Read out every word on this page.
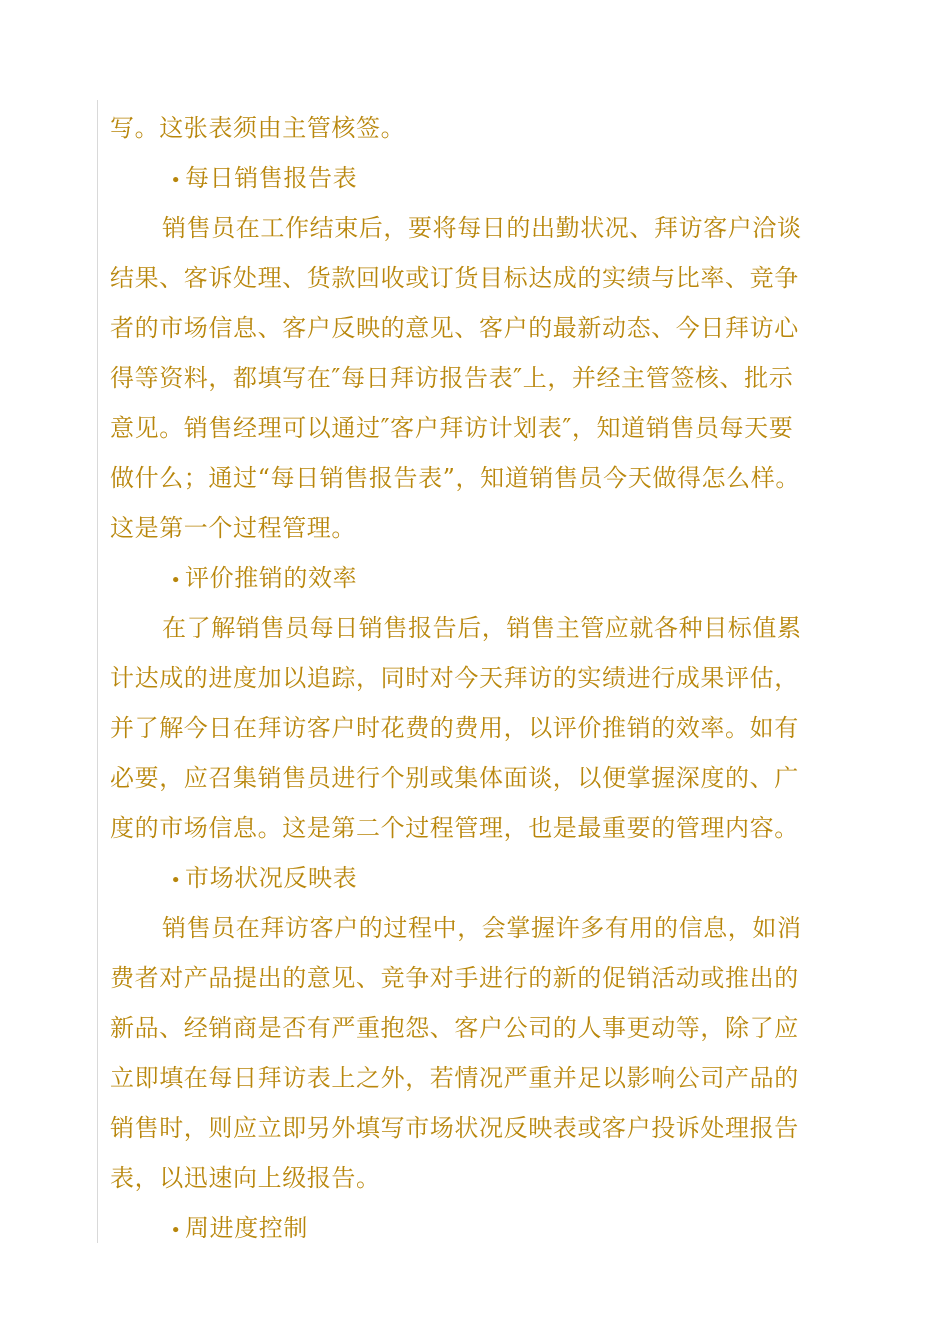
写。这张表须由主管核签。
• 每日销售报告表
销售员在工作结束后，要将每日的出勤状况、拜访客户洽谈
结果、客诉处理、货款回收或订货目标达成的实绩与比率、竞争
者的市场信息、客户反映的意见、客户的最新动态、今日拜访心
得等资料，都填写在″每日拜访报告表″上，并经主管签核、批示
意见。销售经理可以通过″客户拜访计划表″，知道销售员每天要
做什么；通过“每日销售报告表”，知道销售员今天做得怎么样。
这是第一个过程管理。
• 评价推销的效率
在了解销售员每日销售报告后，销售主管应就各种目标值累
计达成的进度加以追踪，同时对今天拜访的实绩进行成果评估，
并了解今日在拜访客户时花费的费用，以评价推销的效率。如有
必要，应召集销售员进行个别或集体面谈，以便掌握深度的、广
度的市场信息。这是第二个过程管理，也是最重要的管理内容。
• 市场状况反映表
销售员在拜访客户的过程中，会掌握许多有用的信息，如消
费者对产品提出的意见、竞争对手进行的新的促销活动或推出的
新品、经销商是否有严重抱怨、客户公司的人事更动等，除了应
立即填在每日拜访表上之外，若情况严重并足以影响公司产品的
销售时，则应立即另外填写市场状况反映表或客户投诉处理报告
表，以迅速向上级报告。
• 周进度控制
